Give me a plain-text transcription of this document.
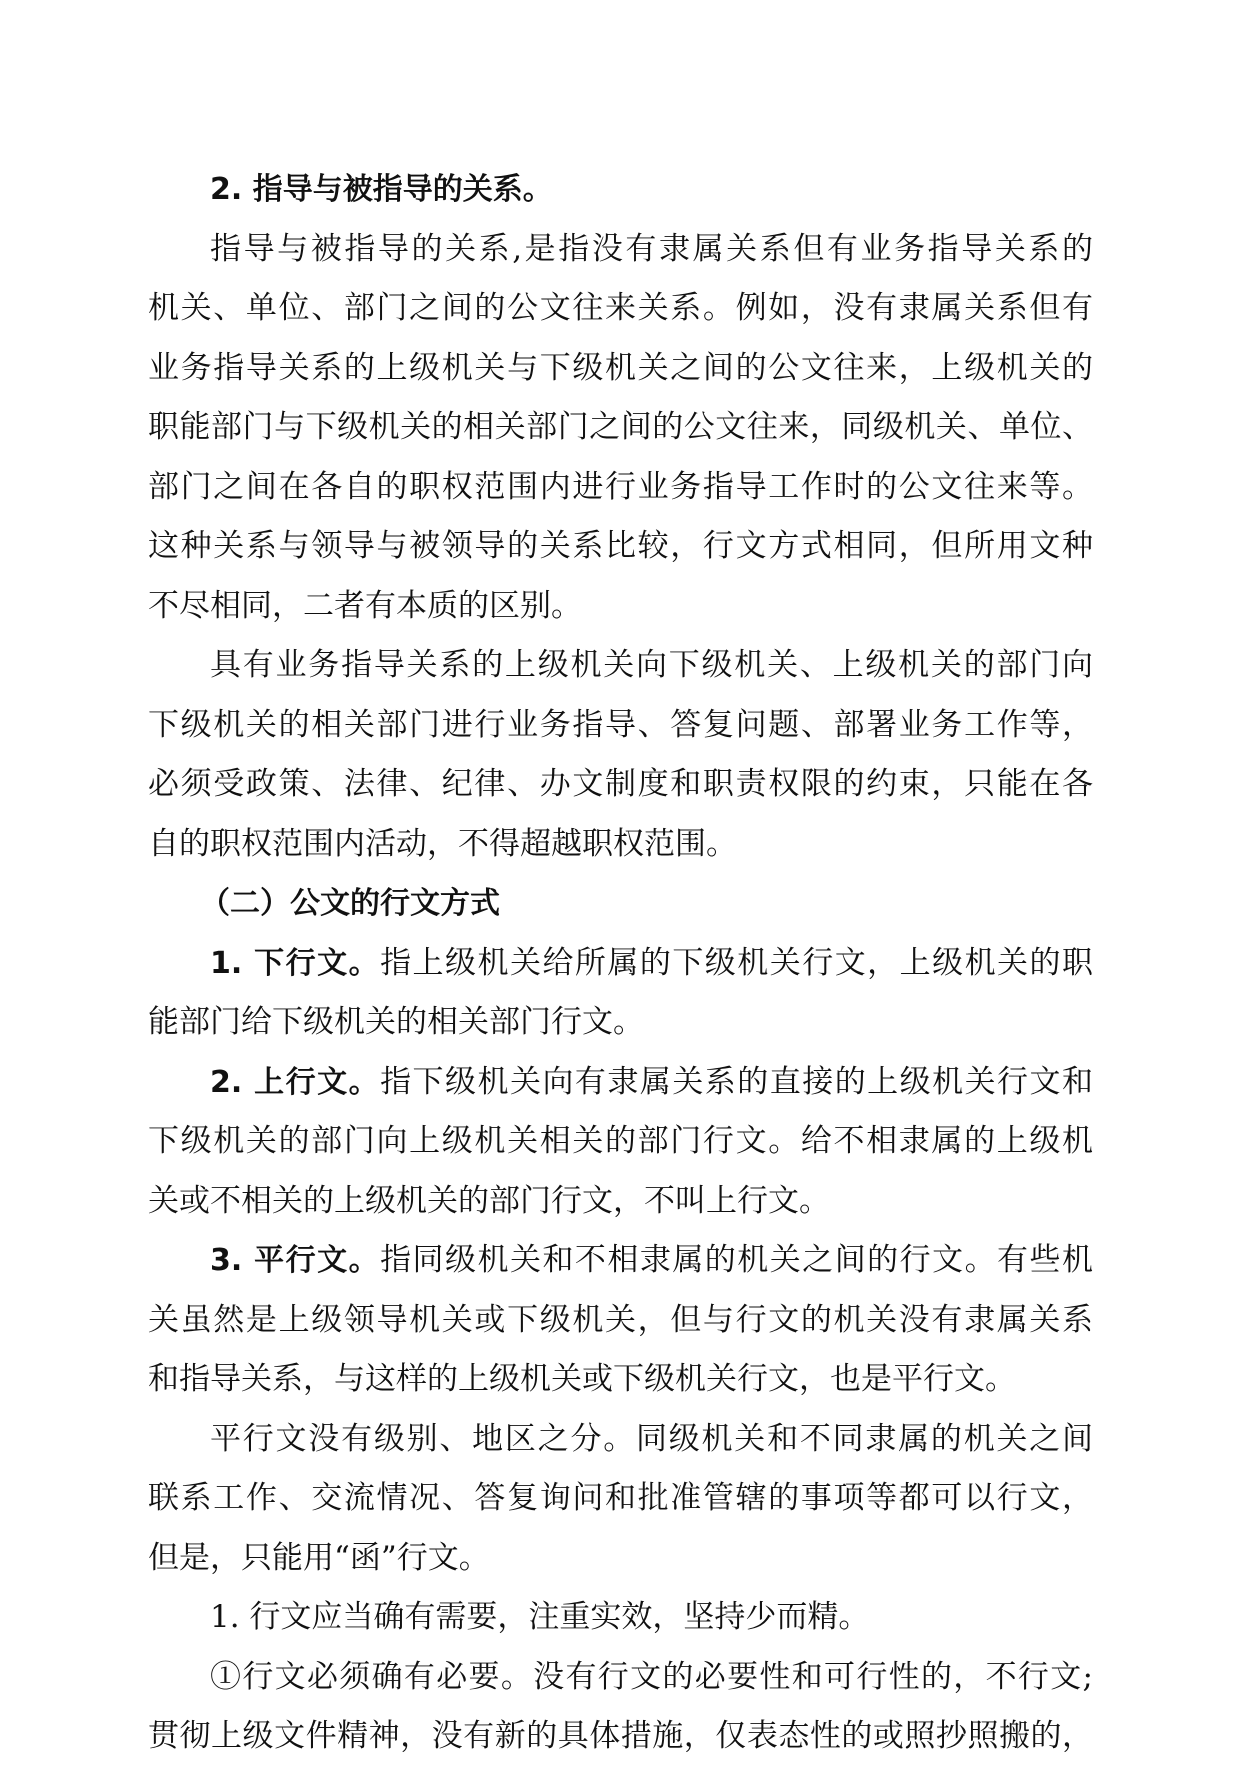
2. 指导与被指导的关系。
指导与被指导的关系,是指没有隶属关系但有业务指导关系的
机关、单位、部门之间的公文往来关系。例如，没有隶属关系但有
业务指导关系的上级机关与下级机关之间的公文往来，上级机关的
职能部门与下级机关的相关部门之间的公文往来，同级机关、单位、
部门之间在各自的职权范围内进行业务指导工作时的公文往来等。
这种关系与领导与被领导的关系比较，行文方式相同，但所用文种
不尽相同，二者有本质的区别。
具有业务指导关系的上级机关向下级机关、上级机关的部门向
下级机关的相关部门进行业务指导、答复问题、部署业务工作等，
必须受政策、法律、纪律、办文制度和职责权限的约束，只能在各
自的职权范围内活动，不得超越职权范围。
（二）公文的行文方式
1. 下行文。指上级机关给所属的下级机关行文，上级机关的职
能部门给下级机关的相关部门行文。
2. 上行文。指下级机关向有隶属关系的直接的上级机关行文和
下级机关的部门向上级机关相关的部门行文。给不相隶属的上级机
关或不相关的上级机关的部门行文，不叫上行文。
3. 平行文。指同级机关和不相隶属的机关之间的行文。有些机
关虽然是上级领导机关或下级机关，但与行文的机关没有隶属关系
和指导关系，与这样的上级机关或下级机关行文，也是平行文。
平行文没有级别、地区之分。同级机关和不同隶属的机关之间
联系工作、交流情况、答复询问和批准管辖的事项等都可以行文，
但是，只能用“函”行文。
1. 行文应当确有需要，注重实效，坚持少而精。
①行文必须确有必要。没有行文的必要性和可行性的，不行文;
贯彻上级文件精神，没有新的具体措施，仅表态性的或照抄照搬的，
